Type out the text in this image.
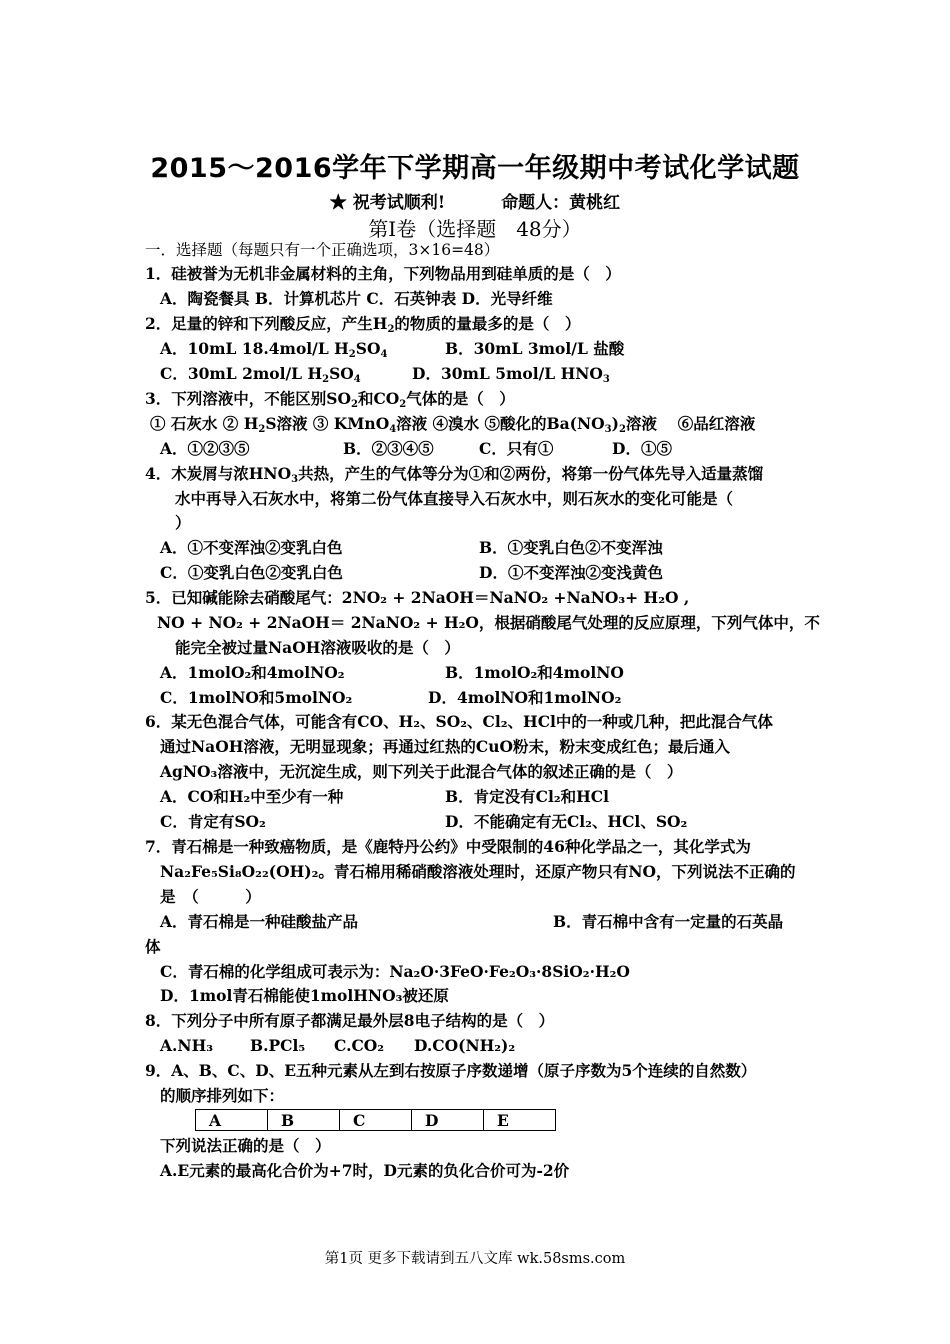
2015～2016学年下学期高一年级期中考试化学试题
★ 祝考试顺利!	命题人：黄桃红
第Ⅰ卷（选择题　48分）
一．选择题（每题只有一个正确选项，3×16=48）
1．硅被誉为无机非金属材料的主角，下列物品用到硅单质的是（　）
A．陶瓷餐具 B．计算机芯片 C．石英钟表 D．光导纤维
2．足量的锌和下列酸反应，产生$H_2$的物质的量最多的是（　）
A．10mL 18.4mol/L $H_2SO_4$	B．30mL 3mol/L 盐酸
C．30mL 2mol/L $H_2SO_4$	D．30mL 5mol/L $HNO_3$
3．下列溶液中，不能区别$SO_2$和$CO_2$气体的是（　）
① 石灰水 ② $H_2S$溶液 ③ KMnO$_4$溶液 ④溴水 ⑤酸化的$Ba(NO_3)_2$溶液　 ⑥品红溶液
A．①②③⑤	B．②③④⑤	C．只有①	D．①⑤
4．木炭屑与浓$HNO_3$共热，产生的气体等分为①和②两份，将第一份气体先导入适量蒸馏
水中再导入石灰水中，将第二份气体直接导入石灰水中，则石灰水的变化可能是（
）
A．①不变浑浊②变乳白色	B．①变乳白色②不变浑浊
C．①变乳白色②变乳白色	D．①不变浑浊②变浅黄色
5．已知碱能除去硝酸尾气：2NO₂ + 2NaOH＝NaNO₂ +NaNO₃+ H₂O ,
NO + NO₂ + 2NaOH＝ 2NaNO₂ + H₂O，根据硝酸尾气处理的反应原理，下列气体中，不
能完全被过量NaOH溶液吸收的是（　）
A．1molO₂和4molNO₂	B．1molO₂和4molNO
C．1molNO和5molNO₂	D．4molNO和1molNO₂
6．某无色混合气体，可能含有CO、H₂、SO₂、Cl₂、HCl中的一种或几种，把此混合气体
通过NaOH溶液，无明显现象；再通过红热的CuO粉末，粉末变成红色；最后通入
AgNO₃溶液中，无沉淀生成，则下列关于此混合气体的叙述正确的是（　）
A．CO和H₂中至少有一种	B．肯定没有Cl₂和HCl
C．肯定有SO₂	D．不能确定有无Cl₂、HCl、SO₂
7．青石棉是一种致癌物质，是《鹿特丹公约》中受限制的46种化学品之一，其化学式为
Na₂Fe₅Si₈O₂₂(OH)₂。青石棉用稀硝酸溶液处理时，还原产物只有NO，下列说法不正确的
是　（　　　）
A．青石棉是一种硅酸盐产品	B．青石棉中含有一定量的石英晶
体
C．青石棉的化学组成可表示为：Na₂O·3FeO·Fe₂O₃·8SiO₂·H₂O
D．1mol青石棉能使1molHNO₃被还原
8．下列分子中所有原子都满足最外层8电子结构的是（　）
A.NH₃ B.PCl₅ C.CO₂ D.CO(NH₂)₂
9．A、B、C、D、E五种元素从左到右按原子序数递增（原子序数为5个连续的自然数）
的顺序排列如下：
A	B	C	D	E
下列说法正确的是（　）
A.E元素的最高化合价为+7时，D元素的负化合价可为-2价
第1页 更多下载请到五八文库 wk.58sms.com
